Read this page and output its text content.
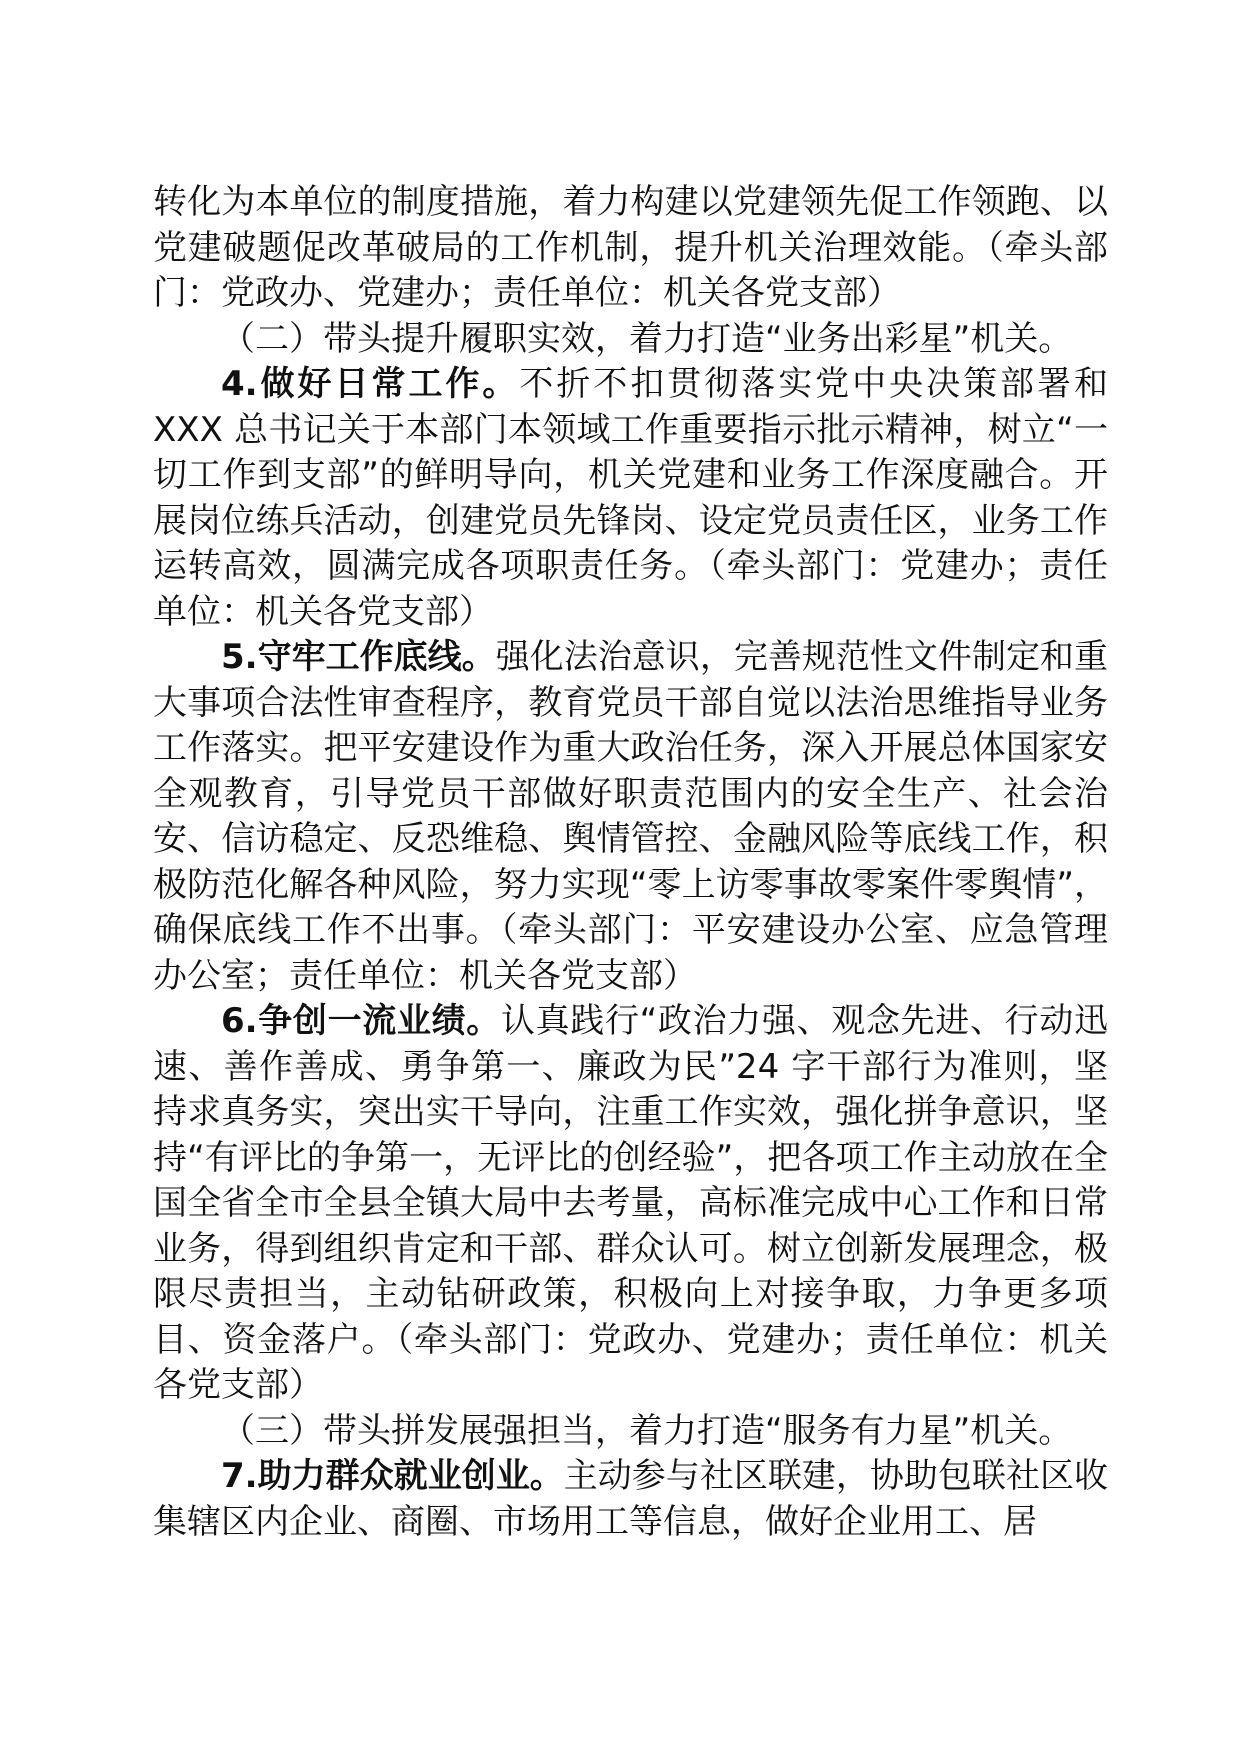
转化为本单位的制度措施，着力构建以党建领先促工作领跑、以党建破题促改革破局的工作机制，提升机关治理效能。（牵头部门：党政办、党建办；责任单位：机关各党支部）

（二）带头提升履职实效，着力打造“业务出彩星”机关。

4.做好日常工作。不折不扣贯彻落实党中央决策部署和XXX 总书记关于本部门本领域工作重要指示批示精神，树立“一切工作到支部”的鲜明导向，机关党建和业务工作深度融合。开展岗位练兵活动，创建党员先锋岗、设定党员责任区，业务工作运转高效，圆满完成各项职责任务。（牵头部门：党建办；责任单位：机关各党支部）

5.守牢工作底线。强化法治意识，完善规范性文件制定和重大事项合法性审查程序，教育党员干部自觉以法治思维指导业务工作落实。把平安建设作为重大政治任务，深入开展总体国家安全观教育，引导党员干部做好职责范围内的安全生产、社会治安、信访稳定、反恐维稳、舆情管控、金融风险等底线工作，积极防范化解各种风险，努力实现“零上访零事故零案件零舆情”，确保底线工作不出事。（牵头部门：平安建设办公室、应急管理办公室；责任单位：机关各党支部）

6.争创一流业绩。认真践行“政治力强、观念先进、行动迅速、善作善成、勇争第一、廉政为民”24 字干部行为准则，坚持求真务实，突出实干导向，注重工作实效，强化拼争意识，坚持“有评比的争第一，无评比的创经验”，把各项工作主动放在全国全省全市全县全镇大局中去考量，高标准完成中心工作和日常业务，得到组织肯定和干部、群众认可。树立创新发展理念，极限尽责担当，主动钻研政策，积极向上对接争取，力争更多项目、资金落户。（牵头部门：党政办、党建办；责任单位：机关各党支部）

（三）带头拼发展强担当，着力打造“服务有力星”机关。

7.助力群众就业创业。主动参与社区联建，协助包联社区收集辖区内企业、商圈、市场用工等信息，做好企业用工、居
